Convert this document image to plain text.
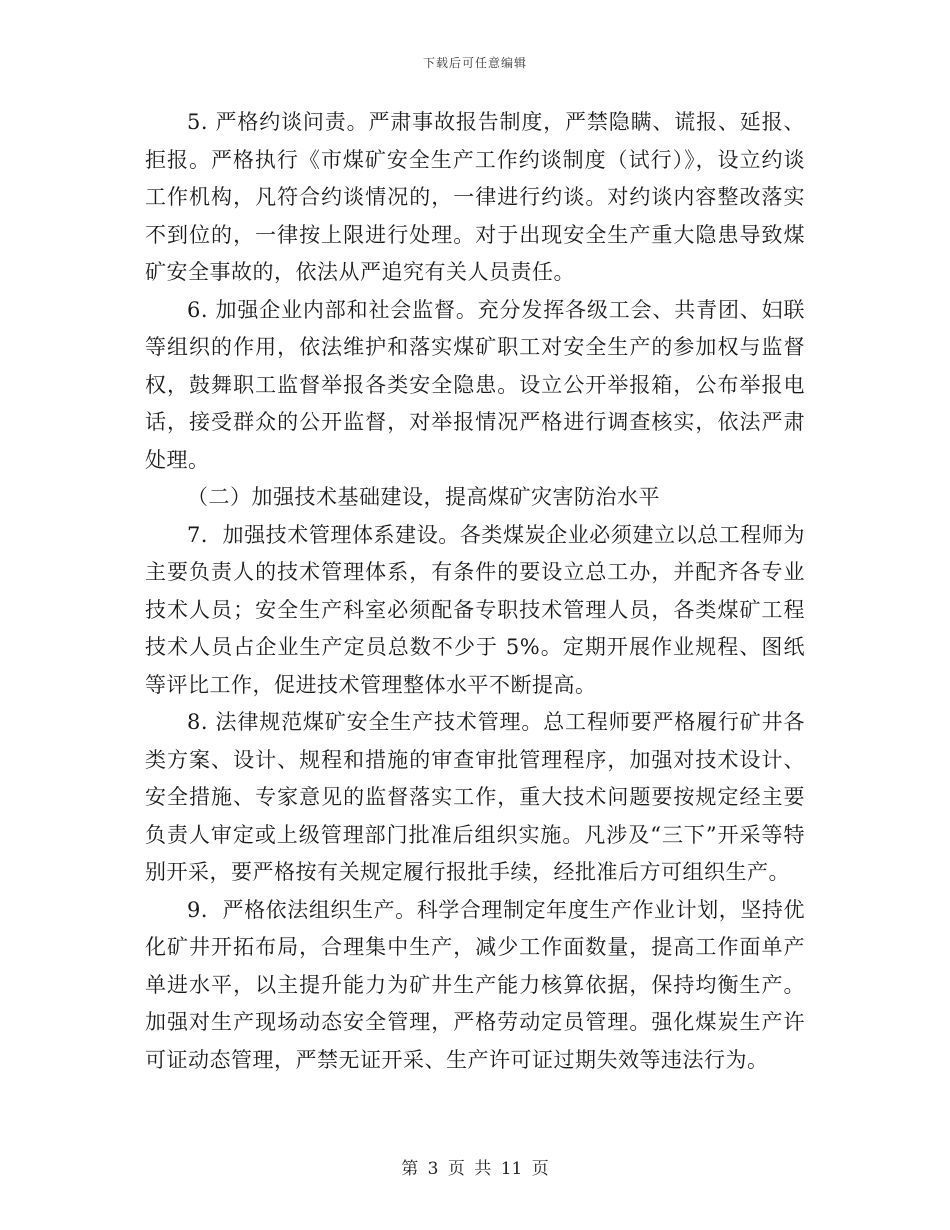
下载后可任意编辑

5. 严格约谈问责。严肃事故报告制度，严禁隐瞒、谎报、延报、拒报。严格执行《市煤矿安全生产工作约谈制度（试行）》，设立约谈工作机构，凡符合约谈情况的，一律进行约谈。对约谈内容整改落实不到位的，一律按上限进行处理。对于出现安全生产重大隐患导致煤矿安全事故的，依法从严追究有关人员责任。

6. 加强企业内部和社会监督。充分发挥各级工会、共青团、妇联等组织的作用，依法维护和落实煤矿职工对安全生产的参加权与监督权，鼓舞职工监督举报各类安全隐患。设立公开举报箱，公布举报电话，接受群众的公开监督，对举报情况严格进行调查核实，依法严肃处理。

（二）加强技术基础建设，提高煤矿灾害防治水平

7．加强技术管理体系建设。各类煤炭企业必须建立以总工程师为主要负责人的技术管理体系，有条件的要设立总工办，并配齐各专业技术人员；安全生产科室必须配备专职技术管理人员，各类煤矿工程技术人员占企业生产定员总数不少于 5%。定期开展作业规程、图纸等评比工作，促进技术管理整体水平不断提高。

8. 法律规范煤矿安全生产技术管理。总工程师要严格履行矿井各类方案、设计、规程和措施的审查审批管理程序，加强对技术设计、安全措施、专家意见的监督落实工作，重大技术问题要按规定经主要负责人审定或上级管理部门批准后组织实施。凡涉及“三下”开采等特别开采，要严格按有关规定履行报批手续，经批准后方可组织生产。

9．严格依法组织生产。科学合理制定年度生产作业计划，坚持优化矿井开拓布局，合理集中生产，减少工作面数量，提高工作面单产单进水平，以主提升能力为矿井生产能力核算依据，保持均衡生产。加强对生产现场动态安全管理，严格劳动定员管理。强化煤炭生产许可证动态管理，严禁无证开采、生产许可证过期失效等违法行为。

第 3 页 共 11 页
